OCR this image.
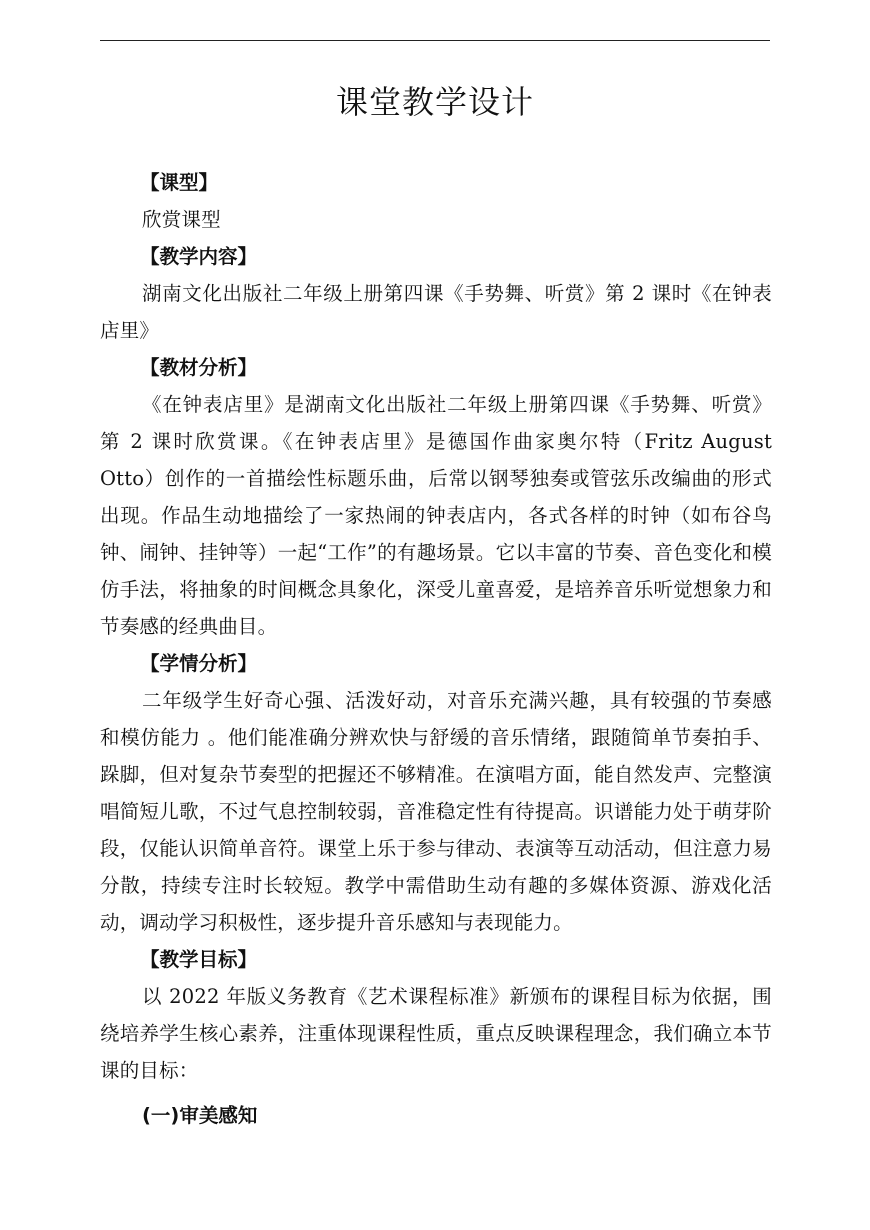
课堂教学设计
【课型】

欣赏课型

【教学内容】

湖南文化出版社二年级上册第四课《手势舞、听赏》第 2 课时《在钟表店里》

【教材分析】

《在钟表店里》是湖南文化出版社二年级上册第四课《手势舞、听赏》第 2 课时欣赏课。《在钟表店里》是德国作曲家奥尔特（Fritz August Otto）创作的一首描绘性标题乐曲，后常以钢琴独奏或管弦乐改编曲的形式出现。作品生动地描绘了一家热闹的钟表店内，各式各样的时钟（如布谷鸟钟、闹钟、挂钟等）一起“工作”的有趣场景。它以丰富的节奏、音色变化和模仿手法，将抽象的时间概念具象化，深受儿童喜爱，是培养音乐听觉想象力和节奏感的经典曲目。

【学情分析】

二年级学生好奇心强、活泼好动，对音乐充满兴趣，具有较强的节奏感和模仿能力 。他们能准确分辨欢快与舒缓的音乐情绪，跟随简单节奏拍手、跺脚，但对复杂节奏型的把握还不够精准。在演唱方面，能自然发声、完整演唱简短儿歌，不过气息控制较弱，音准稳定性有待提高。识谱能力处于萌芽阶段，仅能认识简单音符。课堂上乐于参与律动、表演等互动活动，但注意力易分散，持续专注时长较短。教学中需借助生动有趣的多媒体资源、游戏化活动，调动学习积极性，逐步提升音乐感知与表现能力。

【教学目标】

以 2022 年版义务教育《艺术课程标准》新颁布的课程目标为依据，围绕培养学生核心素养，注重体现课程性质，重点反映课程理念，我们确立本节课的目标：

(一)审美感知
